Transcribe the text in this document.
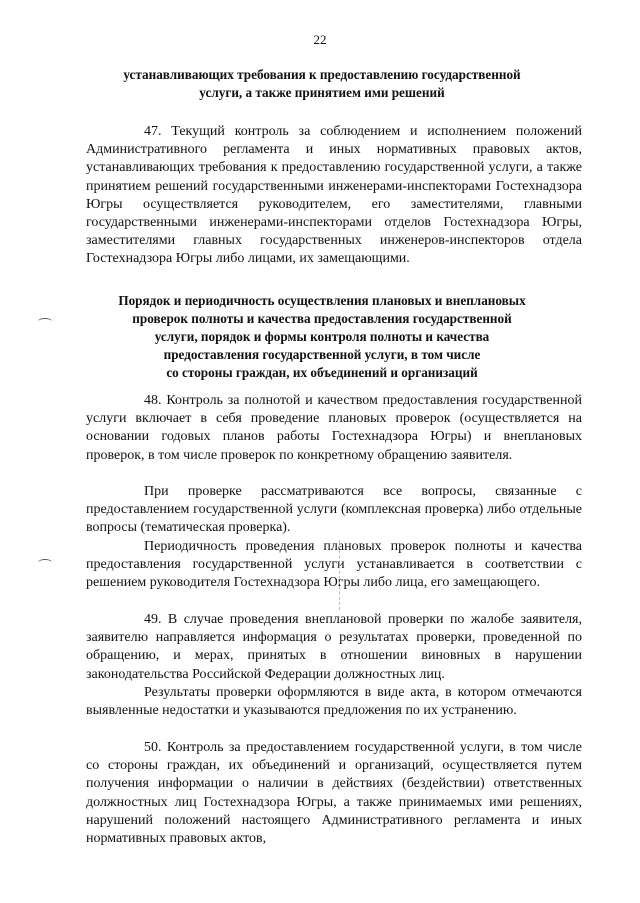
22
устанавливающих требования к предоставлению государственной
услуги, а также принятием ими решений
47. Текущий контроль за соблюдением и исполнением положений Административного регламента и иных нормативных правовых актов, устанавливающих требования к предоставлению государственной услуги, а также принятием решений государственными инженерами-инспекторами Гостехнадзора Югры осуществляется руководителем, его заместителями, главными государственными инженерами-инспекторами отделов Гостехнадзора Югры, заместителями главных государственных инженеров-инспекторов отдела Гостехнадзора Югры либо лицами, их замещающими.
Порядок и периодичность осуществления плановых и внеплановых
проверок полноты и качества предоставления государственной
услуги, порядок и формы контроля полноты и качества
предоставления государственной услуги, в том числе
со стороны граждан, их объединений и организаций
48. Контроль за полнотой и качеством предоставления государственной услуги включает в себя проведение плановых проверок (осуществляется на основании годовых планов работы Гостехнадзора Югры) и внеплановых проверок, в том числе проверок по конкретному обращению заявителя.
При проверке рассматриваются все вопросы, связанные с предоставлением государственной услуги (комплексная проверка) либо отдельные вопросы (тематическая проверка).
Периодичность проведения плановых проверок полноты и качества предоставления государственной услуги устанавливается в соответствии с решением руководителя Гостехнадзора Югры либо лица, его замещающего.
49. В случае проведения внеплановой проверки по жалобе заявителя, заявителю направляется информация о результатах проверки, проведенной по обращению, и мерах, принятых в отношении виновных в нарушении законодательства Российской Федерации должностных лиц.
Результаты проверки оформляются в виде акта, в котором отмечаются выявленные недостатки и указываются предложения по их устранению.
50. Контроль за предоставлением государственной услуги, в том числе со стороны граждан, их объединений и организаций, осуществляется путем получения информации о наличии в действиях (бездействии) ответственных должностных лиц Гостехнадзора Югры, а также принимаемых ими решениях, нарушений положений настоящего Административного регламента и иных нормативных правовых актов,
